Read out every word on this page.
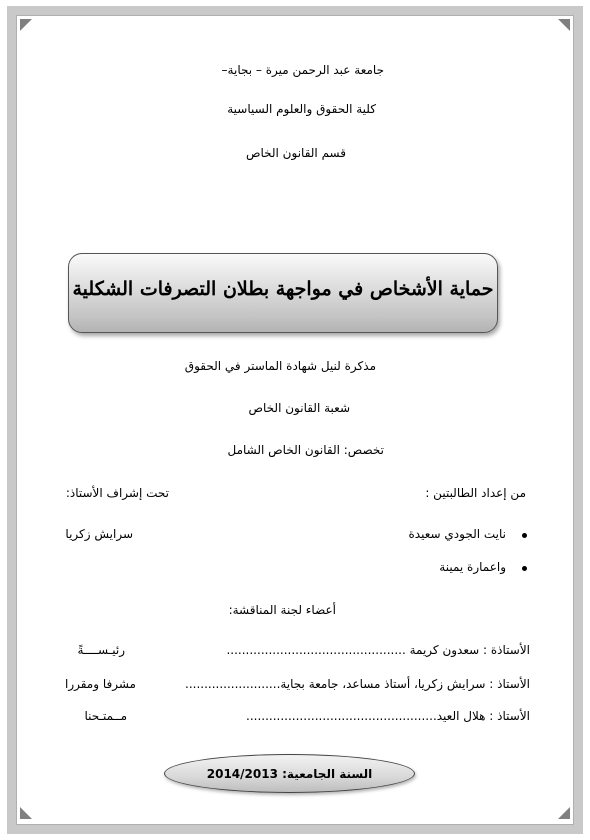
جامعة عبد الرحمن ميرة – بجاية–
كلية الحقوق والعلوم السياسية
قسم القانون الخاص
حماية الأشخاص في مواجهة بطلان التصرفات الشكلية
مذكرة لنيل شهادة الماستر في الحقوق
شعبة القانون الخاص
تخصص: القانون الخاص الشامل
من إعداد الطالبتين :
تحت إشراف الأستاذ:
نايت الجودي سعيدة
سرايش زكريا
واعمارة يمينة
أعضاء لجنة المناقشة:
الأستاذة : سعدون كريمة ...............................................
رئيـســــةً
الأستاذ : سرايش زكريا، أستاذ مساعد، جامعة بجاية.........................
مشرفا ومقررا
الأستاذ : هلال العيد..................................................
مــمتـحنا
السنة الجامعية: 2014/2013
